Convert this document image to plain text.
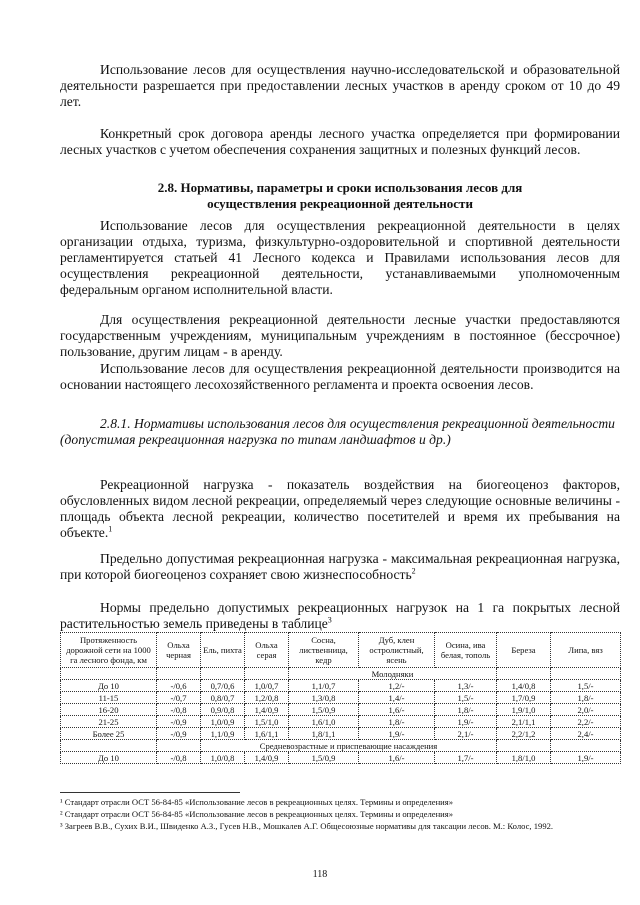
Использование лесов для осуществления научно-исследовательской и образовательной деятельности разрешается при предоставлении лесных участков в аренду сроком от 10 до 49 лет.

Конкретный срок договора аренды лесного участка определяется при формировании лесных участков с учетом обеспечения сохранения защитных и полезных функций лесов.

2.8. Нормативы, параметры и сроки использования лесов для
осуществления рекреационной деятельности

Использование лесов для осуществления рекреационной деятельности в целях организации отдыха, туризма, физкультурно-оздоровительной и спортивной деятельности регламентируется статьей 41 Лесного кодекса и Правилами использования лесов для осуществления рекреационной деятельности, устанавливаемыми уполномоченным федеральным органом исполнительной власти.

Для осуществления рекреационной деятельности лесные участки предоставляются государственным учреждениям, муниципальным учреждениям в постоянное (бессрочное) пользование, другим лицам - в аренду.

Использование лесов для осуществления рекреационной деятельности производится на основании настоящего лесохозяйственного регламента и проекта освоения лесов.

2.8.1. Нормативы использования лесов для осуществления рекреационной деятельности (допустимая рекреационная нагрузка по типам ландшафтов и др.)

Рекреационной нагрузка - показатель воздействия на биогеоценоз факторов, обусловленных видом лесной рекреации, определяемый через следующие основные величины - площадь объекта лесной рекреации, количество посетителей и время их пребывания на объекте.$^1$

Предельно допустимая рекреационная нагрузка - максимальная рекреационная нагрузка, при которой биогеоценоз сохраняет свою жизнеспособность$^2$

Нормы предельно допустимых рекреационных нагрузок на 1 га покрытых лесной растительностью земель приведены в таблице$^3$

Протяженность дорожной сети на 1000 га лесного фонда, км	Ольха черная	Ель, пихта	Ольха серая	Сосна, лиственница, кедр	Дуб, клен остролистный, ясень	Осина, ива белая, тополь	Береза	Липа, вяз
				Молодняки				
До 10	-/0,6	0,7/0,6	1,0/0,7	1,1/0,7	1,2/-	1,3/-	1,4/0,8	1,5/-
11-15	-/0,7	0,8/0,7	1,2/0,8	1,3/0,8	1,4/-	1,5/-	1,7/0,9	1,8/-
16-20	-/0,8	0,9/0,8	1,4/0,9	1,5/0,9	1,6/-	1,8/-	1,9/1,0	2,0/-
21-25	-/0,9	1,0/0,9	1,5/1,0	1,6/1,0	1,8/-	1,9/-	2,1/1,1	2,2/-
Более 25	-/0,9	1,1/0,9	1,6/1,1	1,8/1,1	1,9/-	2,1/-	2,2/1,2	2,4/-
		Средневозрастные и приспевающие насаждения						
До 10	-/0,8	1,0/0,8	1,4/0,9	1,5/0,9	1,6/-	1,7/-	1,8/1,0	1,9/-

¹ Стандарт отрасли ОСТ 56-84-85 «Использование лесов в рекреационных целях. Термины и определения»

² Стандарт отрасли ОСТ 56-84-85 «Использование лесов в рекреационных целях. Термины и определения»

³ Загреев В.В., Сухих В.И., Швиденко А.З., Гусев Н.В., Мошкалев А.Г. Общесоюзные нормативы для таксации лесов. М.: Колос, 1992.

118
